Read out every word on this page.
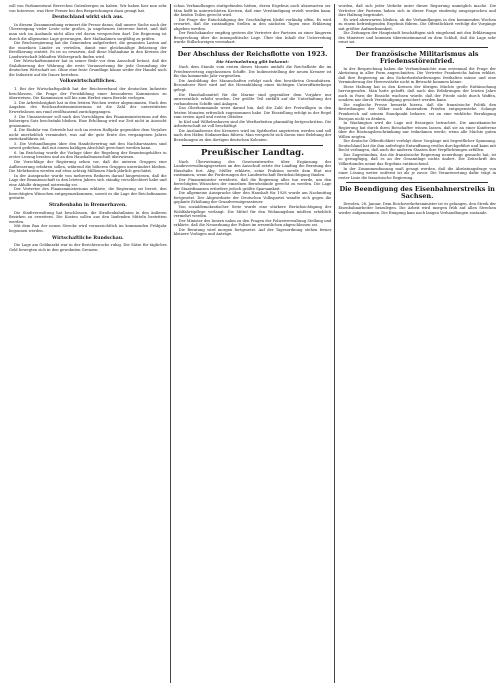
zoll von Parlamentsrat Berrechen Gutenbergen zu haben. Wir haben hier nun sehr von Interesse, was Herr Ferner bei den Besprechungen dazu gesagt hat.

Deutschland wirkt sich aus.

In diesem Zusammenhang erinnert die Presse daran, daß unsere Sache nach der Überzeugung vieler Leute sehr großes, ja ungeheures Interesse bietet, und daß man sich im Auslande nicht allzu viel davon versprechen darf. Die Regierung ist durch die allgemeine Lage gezwungen, ihre Maßnahmen sorgfältig zu prüfen.

Die Reichsregierung hat die Gemeinden aufgefordert, die gesamten Lasten auf die einzelnen Länder zu verteilen, damit eine gleichmäßige Belastung der Bevölkerung eintritt. Es ist zu erwarten, daß diese Maßnahme in den Kreisen der Landwirtschaft lebhaften Widerspruch finden wird.

Der Wirtschaftsminister hat in seiner Rede vor dem Ausschuß betont, daß die Stabilisierung der Währung die erste Voraussetzung für jede Gesundung der deutschen Wirtschaft sei. Ohne eine feste Grundlage könne weder der Handel noch die Industrie auf die Dauer bestehen.

Volkswirtschaftliches.

1. Bei der Wirtschaftspolitik hat der Reichsverband der deutschen Industrie beschlossen, die Frage der Preisbildung einer besonderen Kommission zu überweisen. Die Kommission soll bis zum Herbst einen Bericht vorlegen.

2. Die Arbeitslosigkeit hat in den letzten Wochen weiter abgenommen. Nach den Angaben des Reichsarbeitsministeriums ist die Zahl der unterstützten Erwerbslosen um rund zwölftausend zurückgegangen.

3. Die Umsatzsteuer soll nach den Vorschlägen des Finanzministeriums auf den bisherigen Satz beschränkt bleiben. Eine Erhöhung wird zur Zeit nicht in Aussicht genommen.

4. Die Einfuhr von Getreide hat sich im ersten Halbjahr gegenüber dem Vorjahre nicht unerheblich vermindert, was auf die gute Ernte des vergangenen Jahres zurückzuführen ist.

5. Die Verhandlungen über den Handelsvertrag mit den Nachbarstaaten sind soweit gediehen, daß mit einem baldigen Abschluß gerechnet werden kann.

6. Im Reichstag wurde die Vorlage über die Regelung der Beamtengehälter in erster Lesung beraten und an den Haushaltsausschuß überwiesen.

Die Vorschläge der Regierung sehen vor, daß die unteren Gruppen eine Aufbesserung erfahren sollen, während die höheren Gruppen unverändert bleiben. Die Mehrkosten werden auf etwa achtzig Millionen Mark jährlich geschätzt.

In der Aussprache wurde von mehreren Rednern darauf hingewiesen, daß die Lage der Beamtenschaft in den letzten Jahren sich ständig verschlechtert habe und eine Abhilfe dringend notwendig sei.

Der Vertreter des Finanzministeriums erklärte, die Regierung sei bereit, den berechtigten Wünschen entgegenzukommen, soweit es die Lage der Reichsfinanzen gestatte.

Straßenbahn in Bremerhaven.

Die Stadtverwaltung hat beschlossen, die Straßenbahnlinien in den äußeren Bezirken zu erweitern. Die Kosten sollen aus den laufenden Mitteln bestritten werden.

Mit dem Bau der neuen Strecke wird voraussichtlich im kommenden Frühjahr begonnen werden.

Wirtschaftliche Rundschau.

Die Lage am Geldmarkt war in der Berichtswoche ruhig. Die Sätze für tägliches Geld bewegten sich in den gewohnten Grenzen.

schon Verhandlungen stattgefunden hätten, deren Ergebnis noch abzuwarten sei. Man hofft in unterrichteten Kreisen, daß eine Verständigung erzielt werden kann, die beiden Teilen gerecht wird.

Die Frage der Entschädigung der Geschädigten bleibt vorläufig offen. Es wird erwartet, daß die zuständigen Stellen in den nächsten Tagen eine Erklärung abgeben werden.

Der Reichskanzler empfing gestern die Vertreter der Parteien zu einer längeren Besprechung über die innenpolitische Lage. Über den Inhalt der Unterredung wurde Stillschweigen vereinbart.

Der Abschluss der Reichsflotte von 1923.
Die Marineleitung gibt bekannt:

Nach dem Stande vom ersten dieses Monats umfaßt die Reichsflotte die im Friedensvertrag zugelassenen Schiffe. Die Indienststellung der neuen Kreuzer ist für das kommende Jahr vorgesehen.

Die Ausbildung der Mannschaften erfolgt nach den bewährten Grundsätzen. Besonderer Wert wird auf die Heranbildung eines tüchtigen Unteroffizierkorps gelegt.

Die Haushaltsmittel für die Marine sind gegenüber dem Vorjahre nur unwesentlich erhöht worden. Der größte Teil entfällt auf die Unterhaltung der vorhandenen Schiffe und Anlagen.

Das Oberkommando weist darauf hin, daß die Zahl der Freiwilligen in den letzten Monaten erfreulich zugenommen habe. Die Einstellung erfolgt in der Regel zum ersten April und ersten Oktober.

In Kiel und Wilhelmshaven sind die Werftarbeiten planmäßig fortgeschritten. Die Arbeiterschaft ist voll beschäftigt.

Die Auslandsreise des Kreuzers wird im Spätherbst angetreten werden und soll nach den Häfen Südamerikas führen. Man verspricht sich davon eine Belebung der Beziehungen zu den dortigen deutschen Kolonien.

Preußischer Landtag.

Nach Überweisung des Gesetzentwurfes über Ergänzung des Landesverwaltungsgesetzes an den Ausschuß setzte der Landtag die Beratung des Haushalts fort. Abg. Müller erklärte, seine Fraktion werde dem Etat nur zustimmen, wenn die Forderungen der Landwirtschaft Berücksichtigung fänden.

Der Finanzminister erwiderte, daß die Regierung alles tun werde, um den berechtigten Wünschen der einzelnen Berufsstände gerecht zu werden. Die Lage der Staatsfinanzen erfordere jedoch größte Sparsamkeit.

Die allgemeine Aussprache über den Haushalt für 1928 wurde am Nachmittag fortgesetzt. Der Abgeordnete der Deutschen Volkspartei wandte sich gegen die geplante Erhöhung der Grundvermögenssteuer.

Von sozialdemokratischer Seite wurde eine stärkere Berücksichtigung der Wohlfahrtspflege verlangt. Die Mittel für den Wohnungsbau müßten erheblich vermehrt werden.

Der Minister des Innern nahm zu den Fragen der Polizeiverwaltung Stellung und erklärte, daß die Neuordnung der Polizei im wesentlichen abgeschlossen sei.

Die Beratung wird morgen fortgesetzt. Auf der Tagesordnung stehen ferner kleinere Vorlagen und Anträge.

worden, daß sich jeder Verkehr unter dieser Regierung unmöglich mache. Die Vertreter der Parteien haben sich in dieser Frage eindeutig ausgesprochen und ihre Haltung begründet.

Es wird abzuwarten bleiben, ob die Verhandlungen in den kommenden Wochen zu einem befriedigenden Ergebnis führen. Die Öffentlichkeit verfolgt die Vorgänge mit größter Aufmerksamkeit.

Die Zeitungen der Hauptstadt beschäftigen sich eingehend mit den Erklärungen des Ministers und kommen übereinstimmend zu dem Schluß, daß die Lage sehr ernst sei.

Der französische Militarismus als Friedensstörenfried.

In der Besprechung haben die Verbandsmächte zum erstenmal die Frage der Abrüstung in aller Form angeschnitten. Die Vertreter Frankreichs haben erklärt, daß ihre Regierung an den Sicherheitsforderungen festhalten müsse und eine Verminderung der Heeresstärke nicht in Betracht kommen könne.

Diese Haltung hat in den Kreisen der übrigen Mächte große Enttäuschung hervorgerufen. Man hatte gehofft, daß nach den Erfahrungen der letzten Jahre auch in Paris die Einsicht wachsen würde, daß der Friede nicht durch Waffen, sondern nur durch Verständigung gesichert werden kann.

Die englische Presse bemerkt hierzu, daß die französische Politik den Bestrebungen der Völker nach dauerndem Frieden entgegenstehe. Solange Frankreich auf seinem Standpunkt beharre, sei an eine wirkliche Beruhigung Europas nicht zu denken.

In Washington wird die Lage mit Besorgnis betrachtet. Die amerikanische Regierung hat durch ihren Botschafter wissen lassen, daß sie an einer Konferenz über die Rüstungsbeschränkung nur teilnehmen werde, wenn alle Mächte guten Willen zeigten.

Die deutsche Öffentlichkeit verfolgt diese Vorgänge mit begreiflicher Spannung. Deutschland hat die ihm auferlegte Entwaffnung restlos durchgeführt und kann mit Recht verlangen, daß auch die anderen Staaten ihre Verpflichtungen erfüllen.

Das Zugeständnis, das die französische Regierung neuerdings gemacht hat, ist so geringfügig, daß es an der Gesamtlage nichts ändert. Die Zeitschrift des Völkerbundes nennt das Ergebnis enttäuschend.

In der Zusammenfassung muß gesagt werden, daß die Abrüstungsfrage von einer Lösung weiter entfernt ist als je zuvor. Die Verantwortung dafür trägt in erster Linie die französische Regierung.

Die Beendigung des Eisenbahnerstreiks in Sachsen.

Dresden, 28. Januar. Dem Reichsverkehrsminister ist es gelungen, den Streik der Eisenbahnarbeiter beizulegen. Die Arbeit wird morgen früh auf allen Strecken wieder aufgenommen. Die Einigung kam nach langen Verhandlungen zustande.
